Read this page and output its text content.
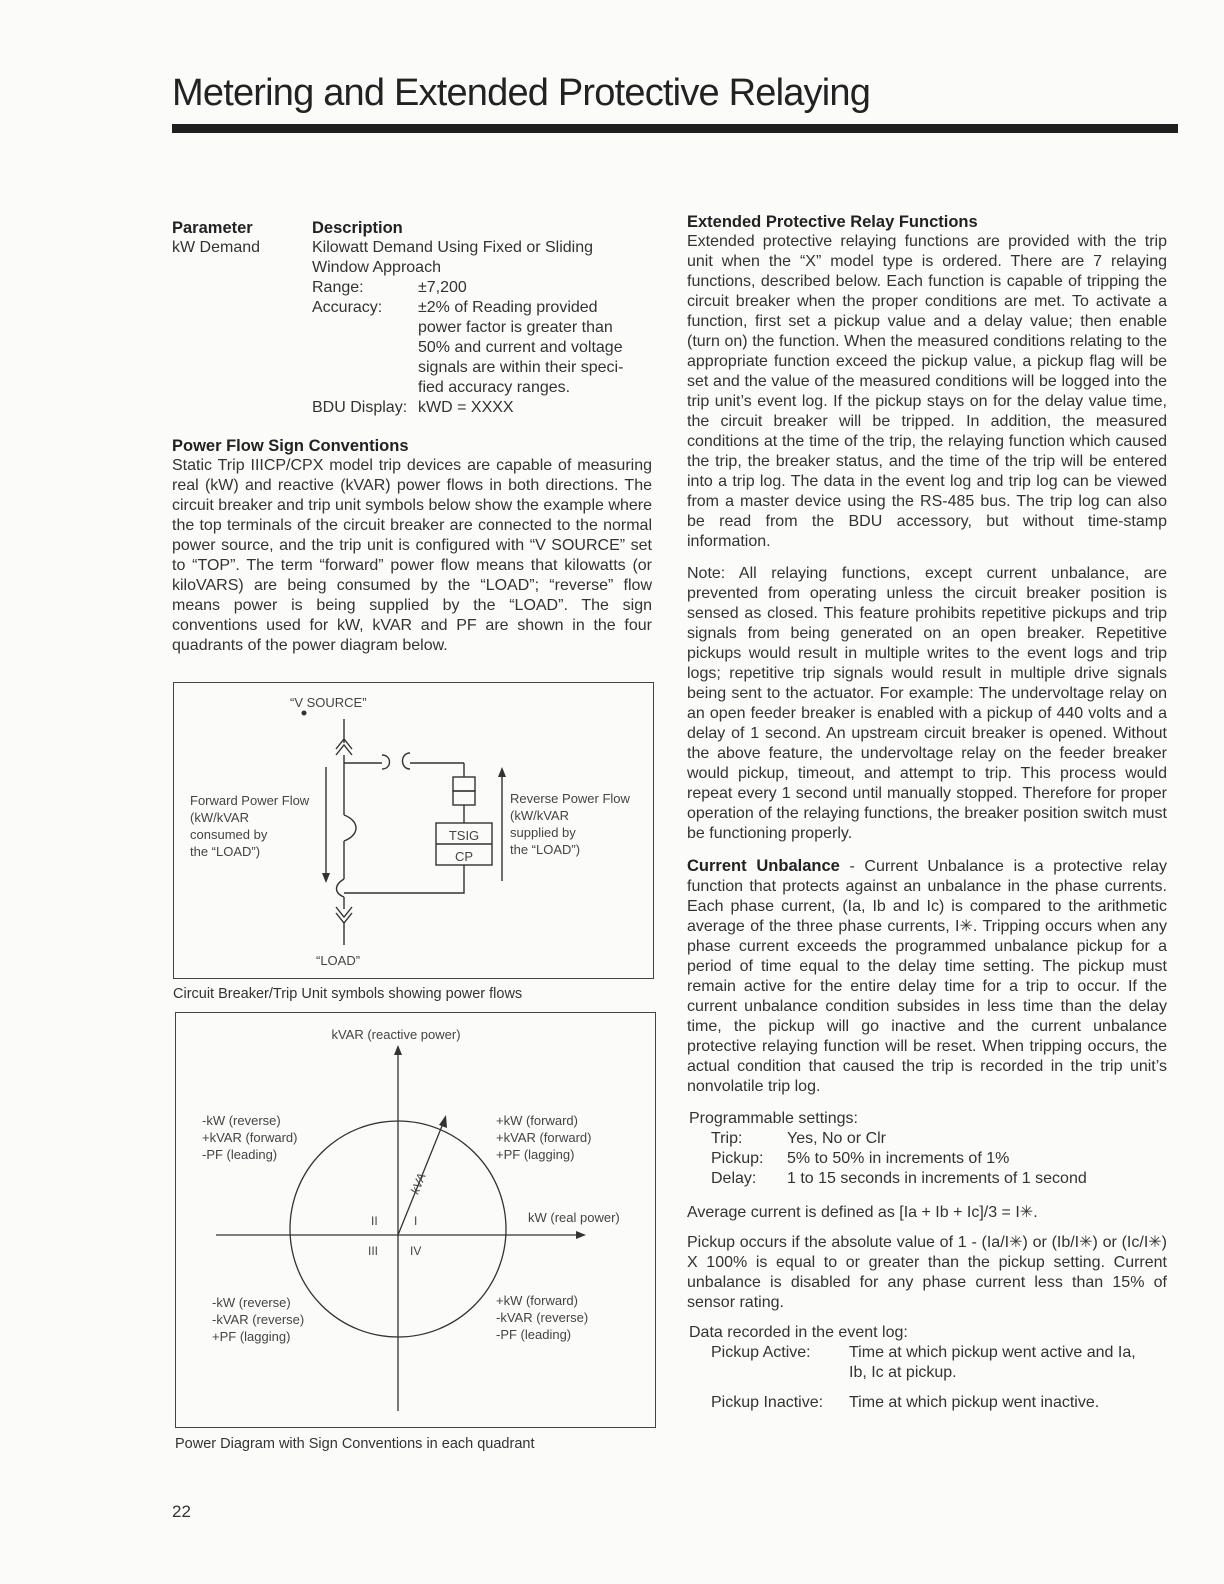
Metering and Extended Protective Relaying
Parameter	Description
kW Demand	Kilowatt Demand Using Fixed or Sliding
Window Approach
Range:	±7,200
Accuracy: ±2% of Reading provided
power factor is greater than
50% and current and voltage
signals are within their speci-
fied accuracy ranges.
BDU Display: kWD = XXXX

Power Flow Sign Conventions

Static Trip IIICP/CPX model trip devices are capable of measuring real (kW) and reactive (kVAR) power flows in both directions. The circuit breaker and trip unit symbols below show the example where the top terminals of the circuit breaker are connected to the normal power source, and the trip unit is configured with “V SOURCE” set to “TOP”. The term “forward” power flow means that kilowatts (or kiloVARS) are being consumed by the “LOAD”; “reverse” flow means power is being supplied by the “LOAD”. The sign conventions used for kW, kVAR and PF are shown in the four quadrants of the power diagram below.

“V SOURCE”
“LOAD”
TSIG
CP
Forward Power Flow
(kW/kVAR
consumed by
the “LOAD”)
Reverse Power Flow
(kW/kVAR
supplied by
the “LOAD”)
Circuit Breaker/Trip Unit symbols showing power flows
kVAR (reactive power)
kW (real power)
kVA
II	I
III	IV
-kW (reverse)
+kVAR (forward)
-PF (leading)
+kW (forward)
+kVAR (forward)
+PF (lagging)
-kW (reverse)
-kVAR (reverse)
+PF (lagging)
+kW (forward)
-kVAR (reverse)
-PF (leading)
Power Diagram with Sign Conventions in each quadrant
22

Extended Protective Relay Functions

Extended protective relaying functions are provided with the trip unit when the “X” model type is ordered. There are 7 relaying functions, described below. Each function is capable of tripping the circuit breaker when the proper conditions are met. To activate a function, first set a pickup value and a delay value; then enable (turn on) the function. When the measured conditions relating to the appropriate function exceed the pickup value, a pickup flag will be set and the value of the measured conditions will be logged into the trip unit’s event log. If the pickup stays on for the delay value time, the circuit breaker will be tripped. In addition, the measured conditions at the time of the trip, the relaying function which caused the trip, the breaker status, and the time of the trip will be entered into a trip log. The data in the event log and trip log can be viewed from a master device using the RS-485 bus. The trip log can also be read from the BDU accessory, but without time-stamp information.

Note: All relaying functions, except current unbalance, are prevented from operating unless the circuit breaker position is sensed as closed. This feature prohibits repetitive pickups and trip signals from being generated on an open breaker. Repetitive pickups would result in multiple writes to the event logs and trip logs; repetitive trip signals would result in multiple drive signals being sent to the actuator. For example: The undervoltage relay on an open feeder breaker is enabled with a pickup of 440 volts and a delay of 1 second. An upstream circuit breaker is opened. Without the above feature, the undervoltage relay on the feeder breaker would pickup, timeout, and attempt to trip. This process would repeat every 1 second until manually stopped. Therefore for proper operation of the relaying functions, the breaker position switch must be functioning properly.

Current Unbalance - Current Unbalance is a protective relay function that protects against an unbalance in the phase currents. Each phase current, (Ia, Ib and Ic) is compared to the arithmetic average of the three phase currents, I✳. Tripping occurs when any phase current exceeds the programmed unbalance pickup for a period of time equal to the delay time setting. The pickup must remain active for the entire delay time for a trip to occur. If the current unbalance condition subsides in less time than the delay time, the pickup will go inactive and the current unbalance protective relaying function will be reset. When tripping occurs, the actual condition that caused the trip is recorded in the trip unit’s nonvolatile trip log.

Programmable settings:
Trip:	Yes, No or Clr
Pickup: 5% to 50% in increments of 1%
Delay: 1 to 15 seconds in increments of 1 second

Average current is defined as [Ia + Ib + Ic]/3 = I✳.

Pickup occurs if the absolute value of 1 - (Ia/I✳) or (Ib/I✳) or (Ic/I✳) X 100% is equal to or greater than the pickup setting. Current unbalance is disabled for any phase current less than 15% of sensor rating.

Data recorded in the event log:
Pickup Active: Time at which pickup went active and Ia,
Ib, Ic at pickup.
Pickup Inactive: Time at which pickup went inactive.
